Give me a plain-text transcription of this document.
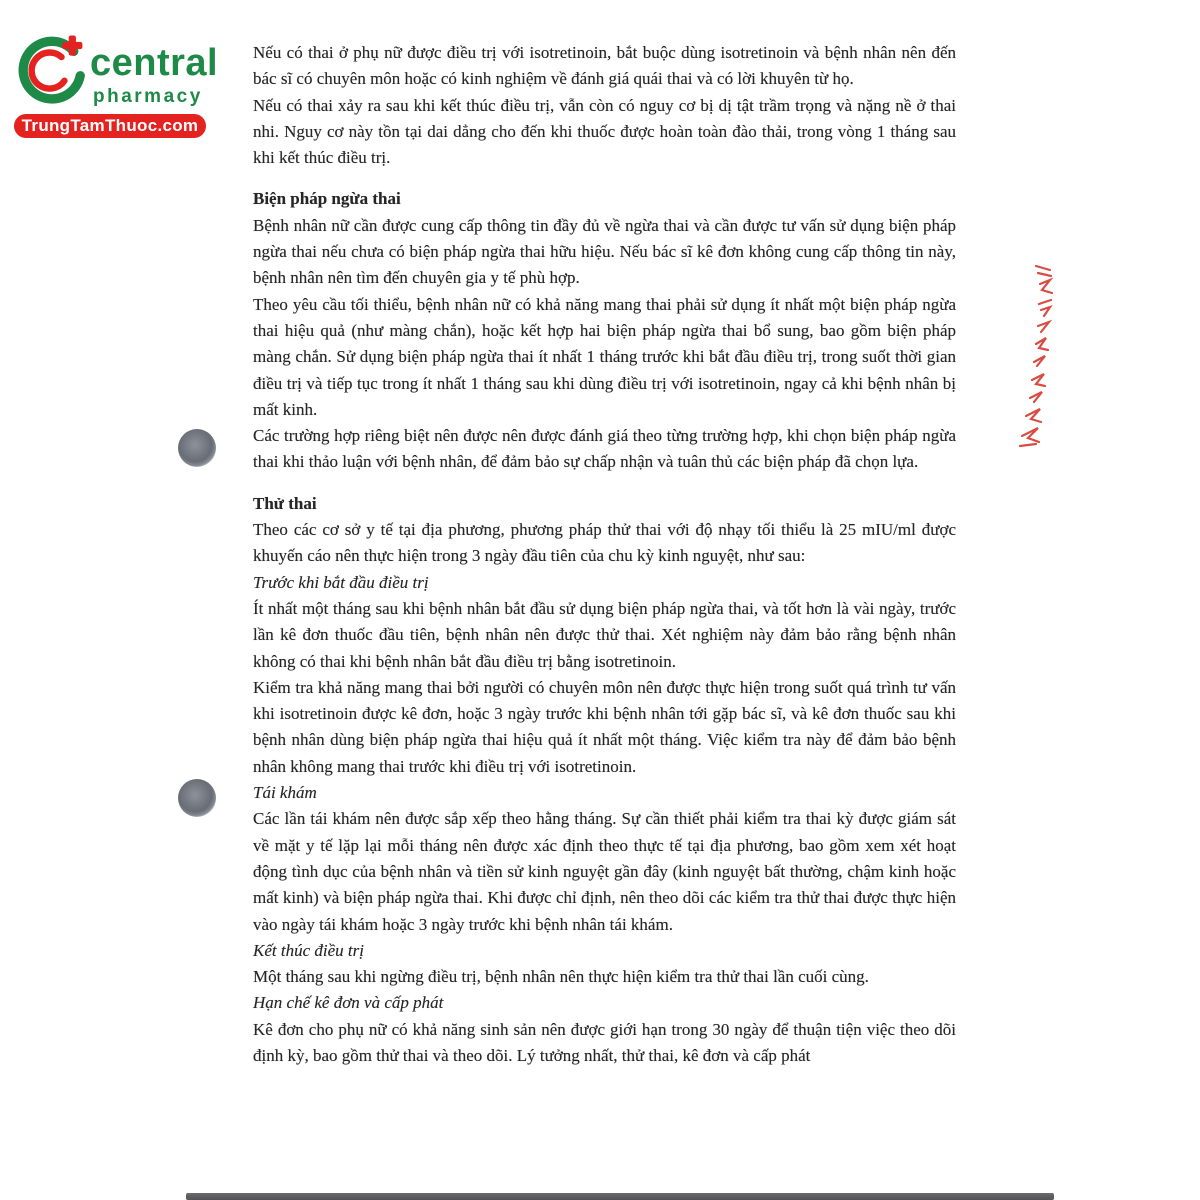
central
pharmacy
TrungTamThuoc.com

Nếu có thai ở phụ nữ được điều trị với isotretinoin, bắt buộc dùng isotretinoin và bệnh nhân nên đến bác sĩ có chuyên môn hoặc có kinh nghiệm về đánh giá quái thai và có lời khuyên từ họ.

Nếu có thai xảy ra sau khi kết thúc điều trị, vẫn còn có nguy cơ bị dị tật trầm trọng và nặng nề ở thai nhi. Nguy cơ này tồn tại dai dẳng cho đến khi thuốc được hoàn toàn đào thải, trong vòng 1 tháng sau khi kết thúc điều trị.

Biện pháp ngừa thai

Bệnh nhân nữ cần được cung cấp thông tin đầy đủ về ngừa thai và cần được tư vấn sử dụng biện pháp ngừa thai nếu chưa có biện pháp ngừa thai hữu hiệu. Nếu bác sĩ kê đơn không cung cấp thông tin này, bệnh nhân nên tìm đến chuyên gia y tế phù hợp.

Theo yêu cầu tối thiểu, bệnh nhân nữ có khả năng mang thai phải sử dụng ít nhất một biện pháp ngừa thai hiệu quả (như màng chắn), hoặc kết hợp hai biện pháp ngừa thai bổ sung, bao gồm biện pháp màng chắn. Sử dụng biện pháp ngừa thai ít nhất 1 tháng trước khi bắt đầu điều trị, trong suốt thời gian điều trị và tiếp tục trong ít nhất 1 tháng sau khi dùng điều trị với isotretinoin, ngay cả khi bệnh nhân bị mất kinh.

Các trường hợp riêng biệt nên được nên được đánh giá theo từng trường hợp, khi chọn biện pháp ngừa thai khi thảo luận với bệnh nhân, để đảm bảo sự chấp nhận và tuân thủ các biện pháp đã chọn lựa.

Thử thai

Theo các cơ sở y tế tại địa phương, phương pháp thử thai với độ nhạy tối thiểu là 25 mIU/ml được khuyến cáo nên thực hiện trong 3 ngày đầu tiên của chu kỳ kinh nguyệt, như sau:

Trước khi bắt đầu điều trị

Ít nhất một tháng sau khi bệnh nhân bắt đầu sử dụng biện pháp ngừa thai, và tốt hơn là vài ngày, trước lần kê đơn thuốc đầu tiên, bệnh nhân nên được thử thai. Xét nghiệm này đảm bảo rằng bệnh nhân không có thai khi bệnh nhân bắt đầu điều trị bằng isotretinoin.

Kiểm tra khả năng mang thai bởi người có chuyên môn nên được thực hiện trong suốt quá trình tư vấn khi isotretinoin được kê đơn, hoặc 3 ngày trước khi bệnh nhân tới gặp bác sĩ, và kê đơn thuốc sau khi bệnh nhân dùng biện pháp ngừa thai hiệu quả ít nhất một tháng. Việc kiểm tra này để đảm bảo bệnh nhân không mang thai trước khi điều trị với isotretinoin.

Tái khám

Các lần tái khám nên được sắp xếp theo hằng tháng. Sự cần thiết phải kiểm tra thai kỳ được giám sát về mặt y tế lặp lại mỗi tháng nên được xác định theo thực tế tại địa phương, bao gồm xem xét hoạt động tình dục của bệnh nhân và tiền sử kinh nguyệt gần đây (kinh nguyệt bất thường, chậm kinh hoặc mất kinh) và biện pháp ngừa thai. Khi được chỉ định, nên theo dõi các kiểm tra thử thai được thực hiện vào ngày tái khám hoặc 3 ngày trước khi bệnh nhân tái khám.

Kết thúc điều trị

Một tháng sau khi ngừng điều trị, bệnh nhân nên thực hiện kiểm tra thử thai lần cuối cùng.

Hạn chế kê đơn và cấp phát

Kê đơn cho phụ nữ có khả năng sinh sản nên được giới hạn trong 30 ngày để thuận tiện việc theo dõi định kỳ, bao gồm thử thai và theo dõi. Lý tưởng nhất, thử thai, kê đơn và cấp phát
